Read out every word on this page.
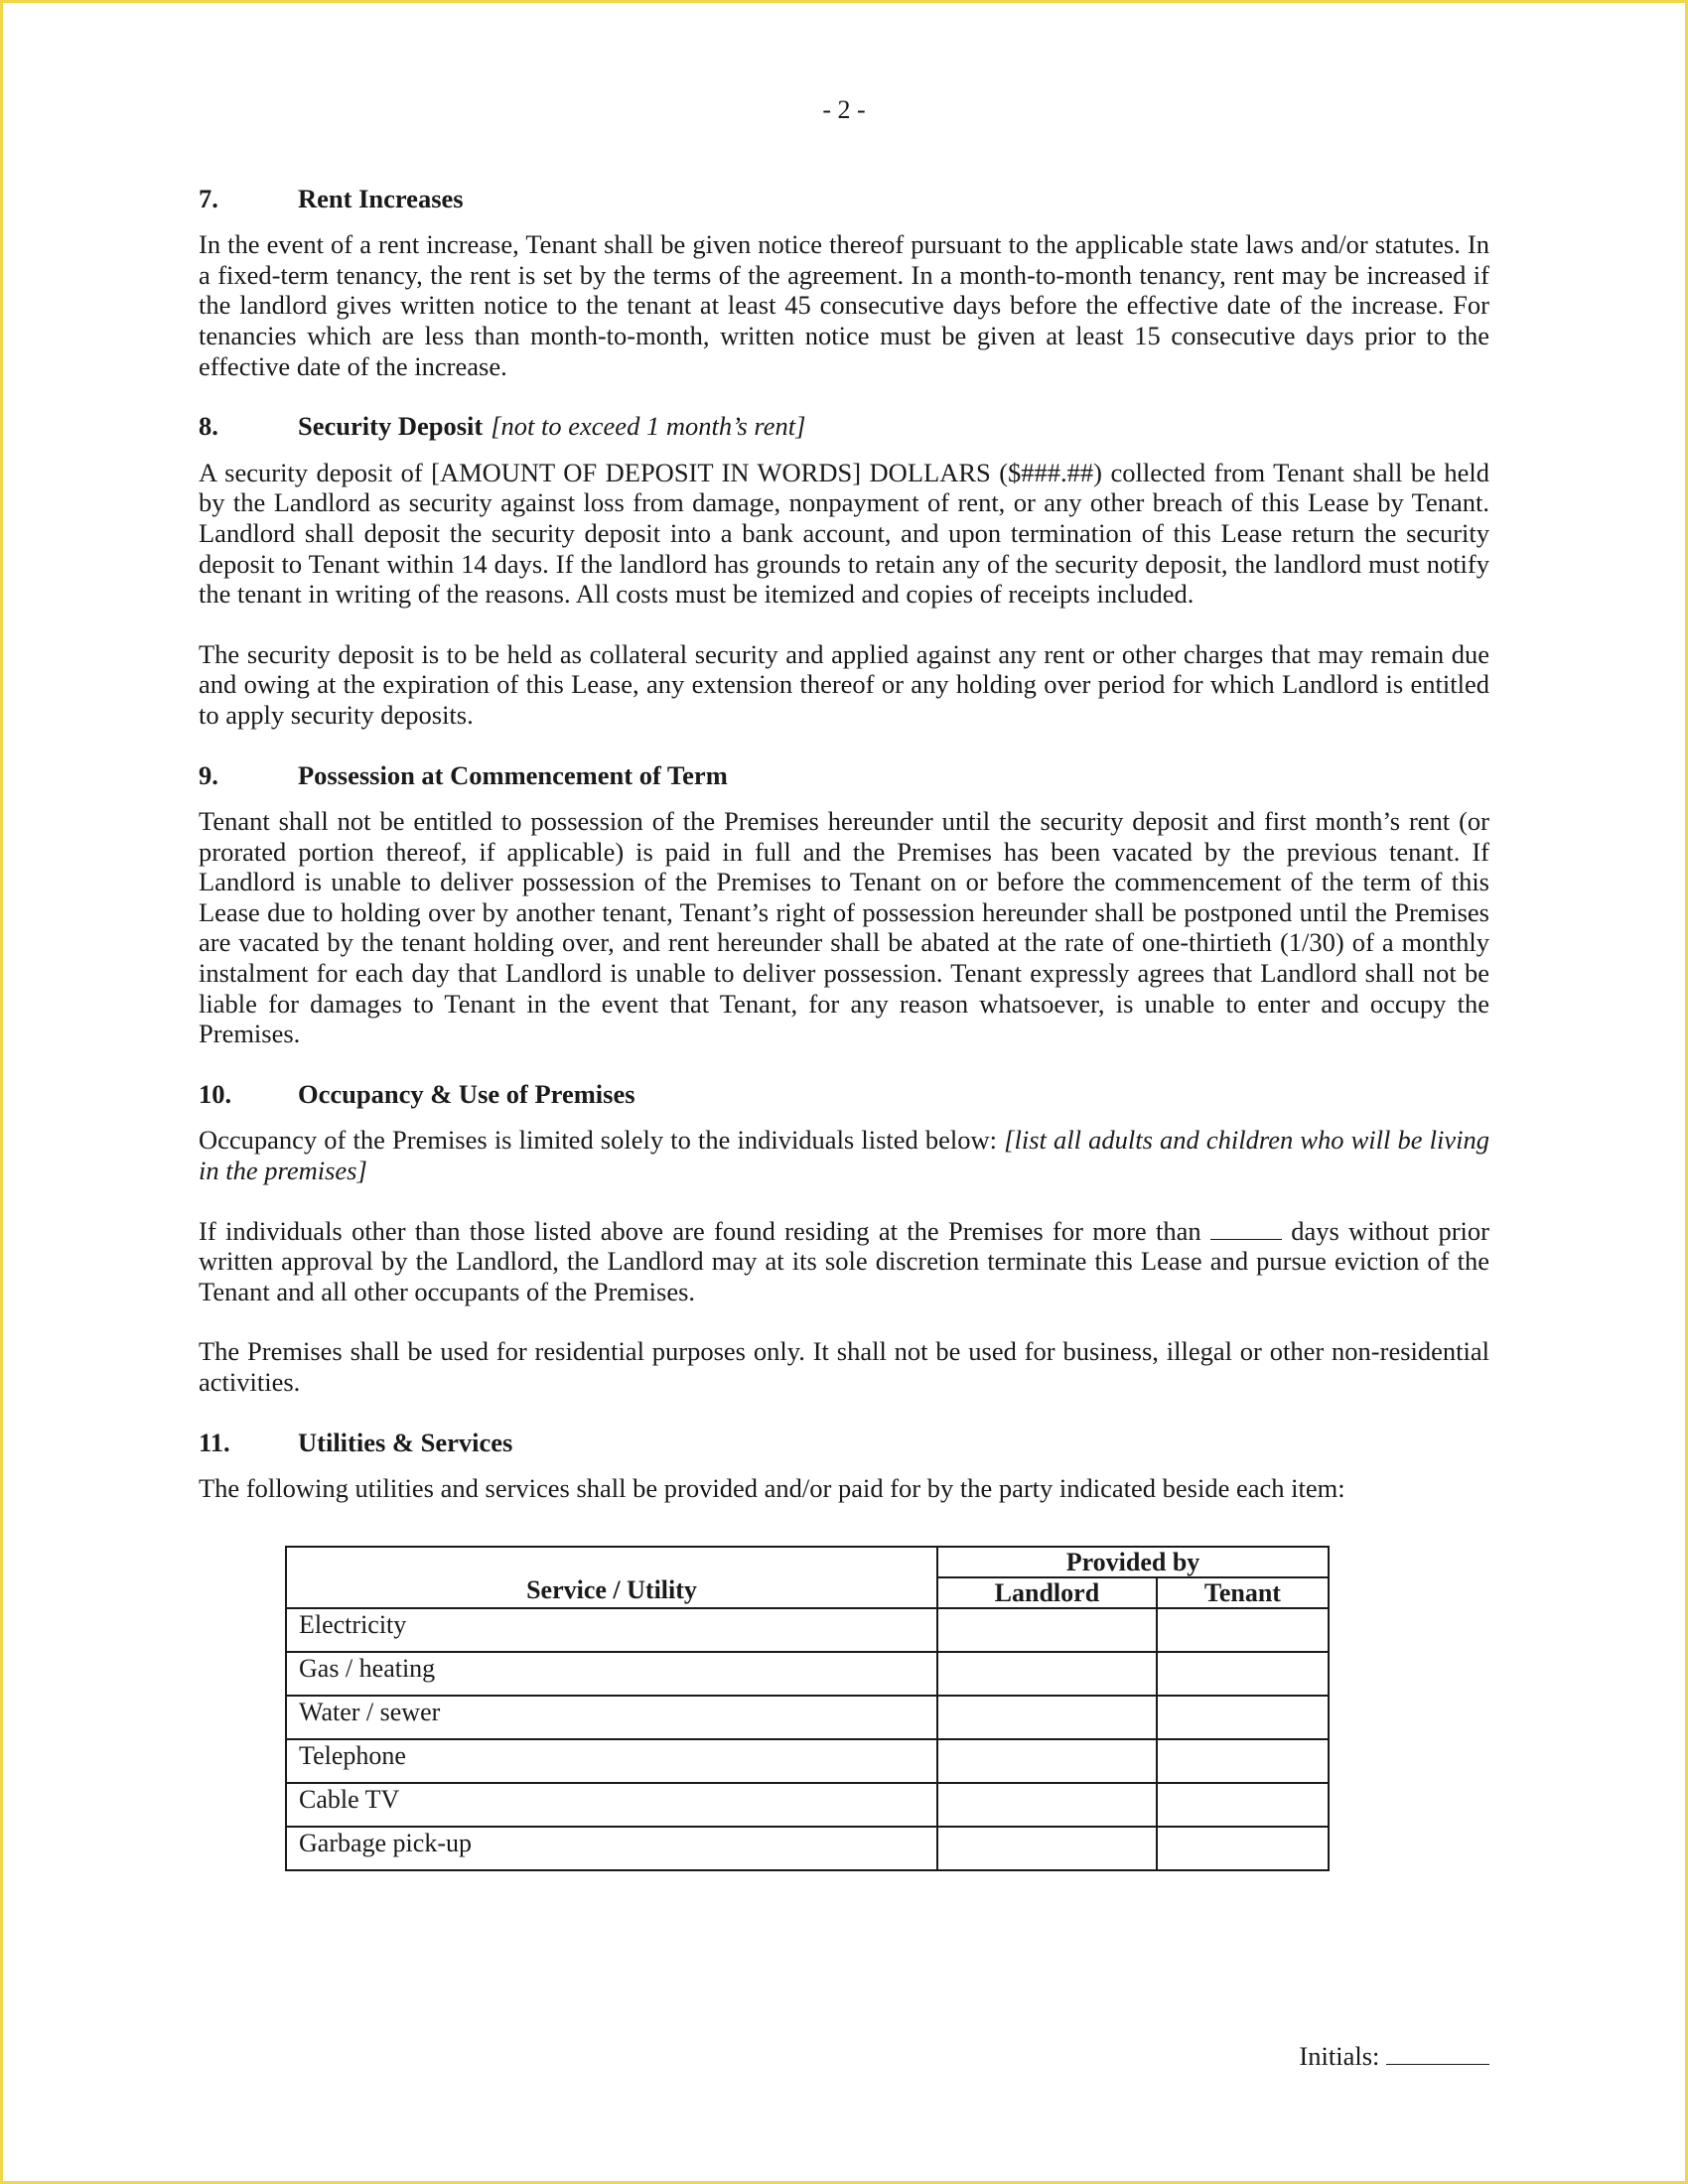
- 2 -
7.	Rent Increases

In the event of a rent increase, Tenant shall be given notice thereof pursuant to the applicable state laws and/or statutes. In a fixed-term tenancy, the rent is set by the terms of the agreement. In a month-to-month tenancy, rent may be increased if the landlord gives written notice to the tenant at least 45 consecutive days before the effective date of the increase. For tenancies which are less than month-to-month, written notice must be given at least 15 consecutive days prior to the effective date of the increase.

8.	Security Deposit [not to exceed 1 month’s rent]

A security deposit of [AMOUNT OF DEPOSIT IN WORDS] DOLLARS ($###.##) collected from Tenant shall be held by the Landlord as security against loss from damage, nonpayment of rent, or any other breach of this Lease by Tenant. Landlord shall deposit the security deposit into a bank account, and upon termination of this Lease return the security deposit to Tenant within 14 days. If the landlord has grounds to retain any of the security deposit, the landlord must notify the tenant in writing of the reasons. All costs must be itemized and copies of receipts included.

The security deposit is to be held as collateral security and applied against any rent or other charges that may remain due and owing at the expiration of this Lease, any extension thereof or any holding over period for which Landlord is entitled to apply security deposits.

9.	Possession at Commencement of Term

Tenant shall not be entitled to possession of the Premises hereunder until the security deposit and first month’s rent (or prorated portion thereof, if applicable) is paid in full and the Premises has been vacated by the previous tenant. If Landlord is unable to deliver possession of the Premises to Tenant on or before the commencement of the term of this Lease due to holding over by another tenant, Tenant’s right of possession hereunder shall be postponed until the Premises are vacated by the tenant holding over, and rent hereunder shall be abated at the rate of one-thirtieth (1/30) of a monthly instalment for each day that Landlord is unable to deliver possession. Tenant expressly agrees that Landlord shall not be liable for damages to Tenant in the event that Tenant, for any reason whatsoever, is unable to enter and occupy the Premises.

10.	Occupancy & Use of Premises

Occupancy of the Premises is limited solely to the individuals listed below: [list all adults and children who will be living in the premises]

If individuals other than those listed above are found residing at the Premises for more than	days without prior written approval by the Landlord, the Landlord may at its sole discretion terminate this Lease and pursue eviction of the Tenant and all other occupants of the Premises.

The Premises shall be used for residential purposes only. It shall not be used for business, illegal or other non-residential activities.

11.	Utilities & Services

The following utilities and services shall be provided and/or paid for by the party indicated beside each item:

Service / Utility	Provided by	
	Landlord	Tenant
Electricity		
Gas / heating		
Water / sewer		
Telephone		
Cable TV		
Garbage pick-up		
Initials:
